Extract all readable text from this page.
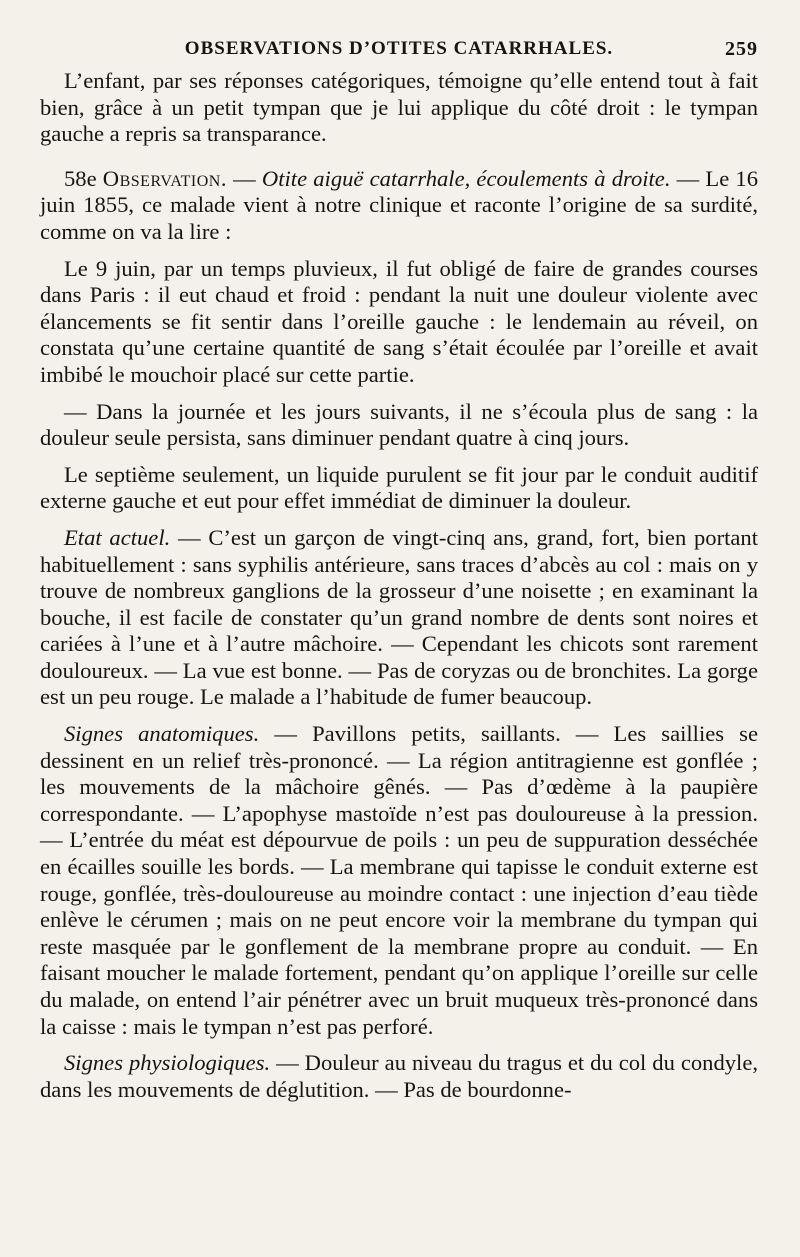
OBSERVATIONS D’OTITES CATARRHALES.	259

L’enfant, par ses réponses catégoriques, témoigne qu’elle entend tout à fait bien, grâce à un petit tympan que je lui applique du côté droit : le tympan gauche a repris sa transparance.

58e Observation. — Otite aiguë catarrhale, écoulements à droite. — Le 16 juin 1855, ce malade vient à notre clinique et raconte l’origine de sa surdité, comme on va la lire :

Le 9 juin, par un temps pluvieux, il fut obligé de faire de grandes courses dans Paris : il eut chaud et froid : pendant la nuit une douleur violente avec élancements se fit sentir dans l’oreille gauche : le lendemain au réveil, on constata qu’une certaine quantité de sang s’était écoulée par l’oreille et avait imbibé le mouchoir placé sur cette partie.

— Dans la journée et les jours suivants, il ne s’écoula plus de sang : la douleur seule persista, sans diminuer pendant quatre à cinq jours.

Le septième seulement, un liquide purulent se fit jour par le conduit auditif externe gauche et eut pour effet immédiat de diminuer la douleur.

Etat actuel. — C’est un garçon de vingt-cinq ans, grand, fort, bien portant habituellement : sans syphilis antérieure, sans traces d’abcès au col : mais on y trouve de nombreux ganglions de la grosseur d’une noisette ; en examinant la bouche, il est facile de constater qu’un grand nombre de dents sont noires et cariées à l’une et à l’autre mâchoire. — Cependant les chicots sont rarement douloureux. — La vue est bonne. — Pas de coryzas ou de bronchites. La gorge est un peu rouge. Le malade a l’habitude de fumer beaucoup.

Signes anatomiques. — Pavillons petits, saillants. — Les saillies se dessinent en un relief très-prononcé. — La région antitragienne est gonflée ; les mouvements de la mâchoire gênés. — Pas d’œdème à la paupière correspondante. — L’apophyse mastoïde n’est pas douloureuse à la pression. — L’entrée du méat est dépourvue de poils : un peu de suppuration desséchée en écailles souille les bords. — La membrane qui tapisse le conduit externe est rouge, gonflée, très-douloureuse au moindre contact : une injection d’eau tiède enlève le cérumen ; mais on ne peut encore voir la membrane du tympan qui reste masquée par le gonflement de la membrane propre au conduit. — En faisant moucher le malade fortement, pendant qu’on applique l’oreille sur celle du malade, on entend l’air pénétrer avec un bruit muqueux très-prononcé dans la caisse : mais le tympan n’est pas perforé.

Signes physiologiques. — Douleur au niveau du tragus et du col du condyle, dans les mouvements de déglutition. — Pas de bourdonne-
